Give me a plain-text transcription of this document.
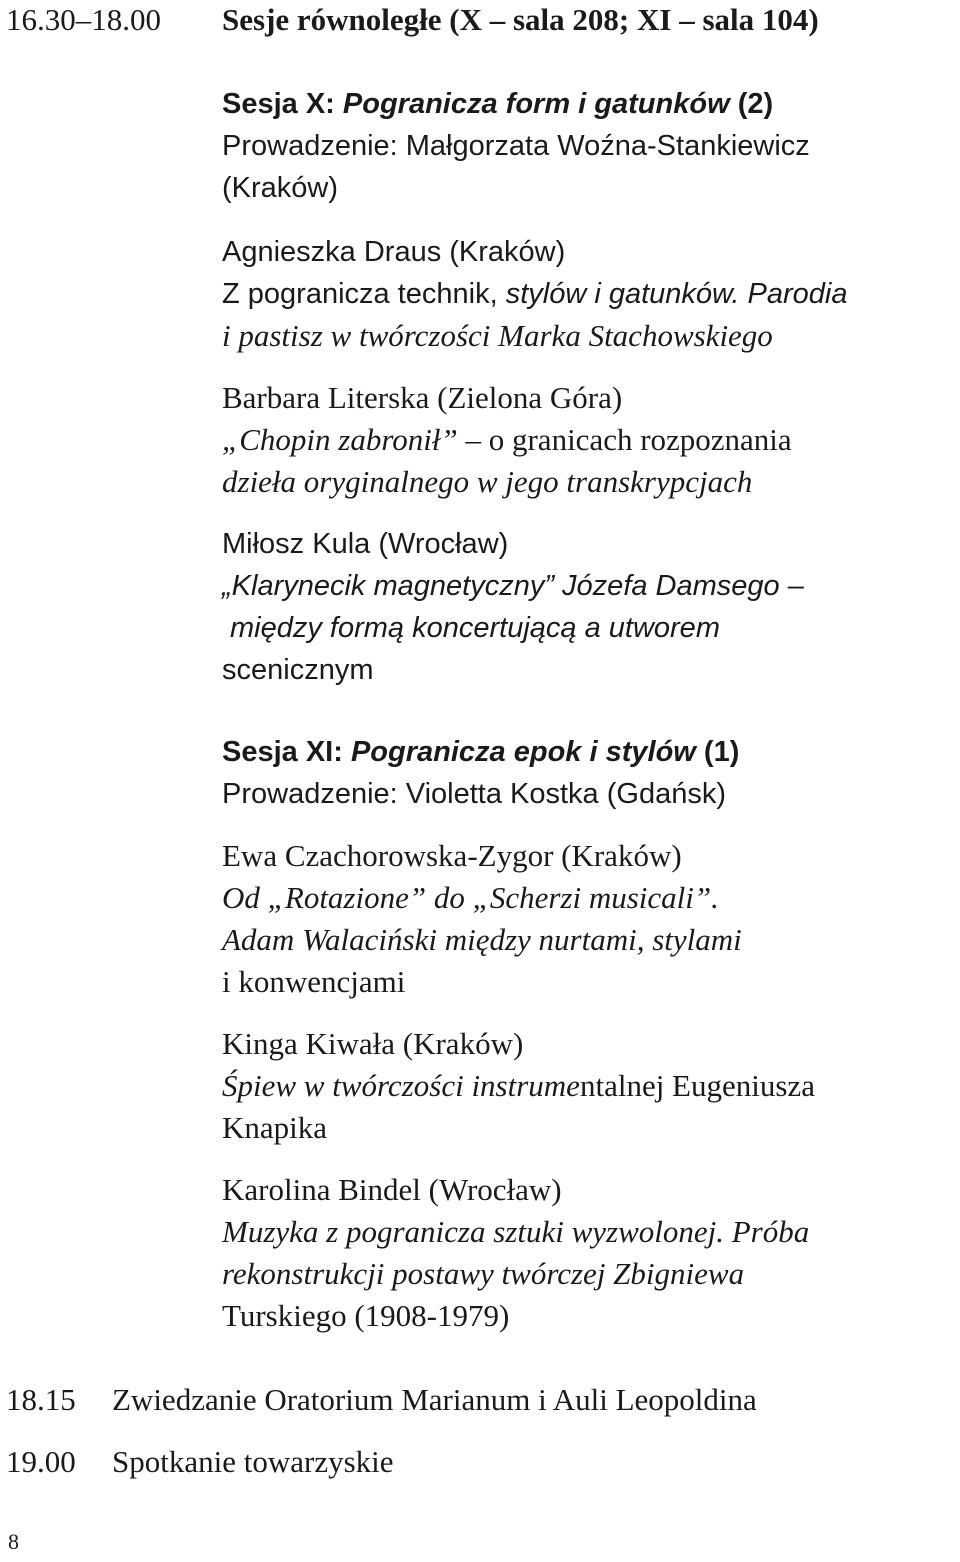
16.30–18.00 Sesje równoległe (X – sala 208; XI – sala 104)
Sesja X: Pogranicza form i gatunków (2)
Prowadzenie: Małgorzata Woźna-Stankiewicz
(Kraków)
Agnieszka Draus (Kraków)
Z pogranicza technik, stylów i gatunków. Parodia
i pastisz w twórczości Marka Stachowskiego
Barbara Literska (Zielona Góra)
„Chopin zabronił” – o granicach rozpoznania
dzieła oryginalnego w jego transkrypcjach
Miłosz Kula (Wrocław)
„Klarynecik magnetyczny” Józefa Damsego –
między formą koncertującą a utworem
scenicznym
Sesja XI: Pogranicza epok i stylów (1)
Prowadzenie: Violetta Kostka (Gdańsk)
Ewa Czachorowska-Zygor (Kraków)
Od „Rotazione” do „Scherzi musicali”.
Adam Walaciński między nurtami, stylami
i konwencjami
Kinga Kiwała (Kraków)
Śpiew w twórczości instrumentalnej Eugeniusza
Knapika
Karolina Bindel (Wrocław)
Muzyka z pogranicza sztuki wyzwolonej. Próba
rekonstrukcji postawy twórczej Zbigniewa
Turskiego (1908-1979)
18.15 Zwiedzanie Oratorium Marianum i Auli Leopoldina
19.00 Spotkanie towarzyskie
8
